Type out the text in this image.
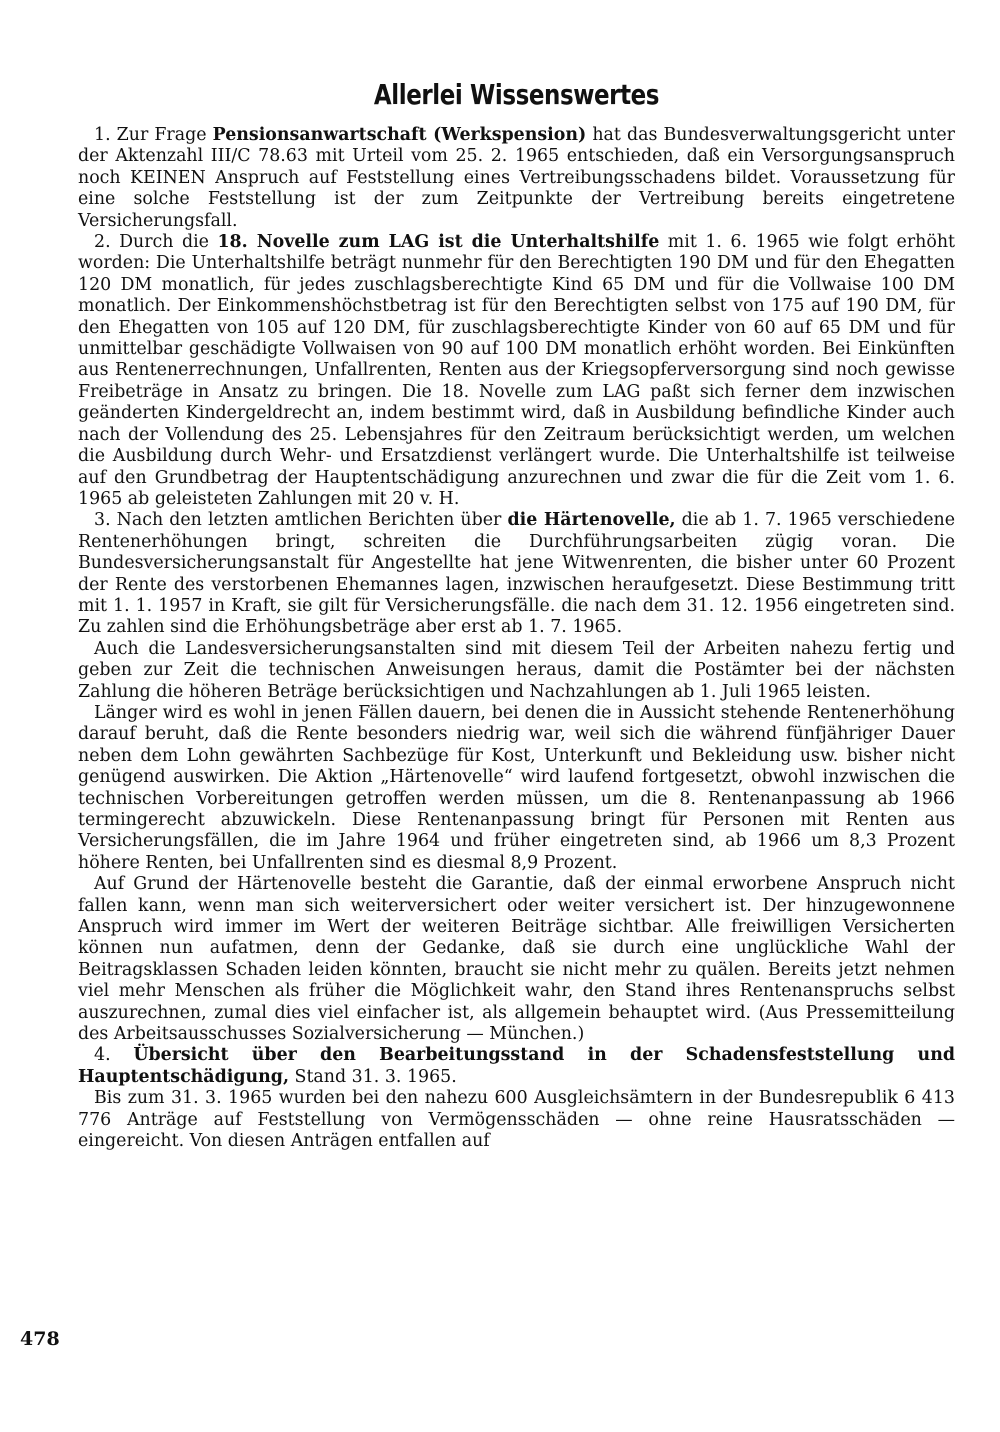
Allerlei Wissenswertes

1. Zur Frage Pensionsanwartschaft (Werkspension) hat das Bundesverwaltungsgericht unter der Aktenzahl III/C 78.63 mit Urteil vom 25. 2. 1965 entschieden, daß ein Versorgungsanspruch noch KEINEN Anspruch auf Feststellung eines Vertreibungsschadens bildet. Voraussetzung für eine solche Feststellung ist der zum Zeitpunkte der Vertreibung bereits eingetretene Versicherungsfall.

2. Durch die 18. Novelle zum LAG ist die Unterhaltshilfe mit 1. 6. 1965 wie folgt erhöht worden: Die Unterhaltshilfe beträgt nunmehr für den Berechtigten 190 DM und für den Ehegatten 120 DM monatlich, für jedes zuschlagsberechtigte Kind 65 DM und für die Vollwaise 100 DM monatlich. Der Einkommenshöchstbetrag ist für den Berechtigten selbst von 175 auf 190 DM, für den Ehegatten von 105 auf 120 DM, für zuschlagsberechtigte Kinder von 60 auf 65 DM und für unmittelbar geschädigte Vollwaisen von 90 auf 100 DM monatlich erhöht worden. Bei Einkünften aus Rentenerrechnungen, Unfallrenten, Renten aus der Kriegsopferversorgung sind noch gewisse Freibeträge in Ansatz zu bringen. Die 18. Novelle zum LAG paßt sich ferner dem inzwischen geänderten Kindergeldrecht an, indem bestimmt wird, daß in Ausbildung befindliche Kinder auch nach der Vollendung des 25. Lebensjahres für den Zeitraum berücksichtigt werden, um welchen die Ausbildung durch Wehr- und Ersatzdienst verlängert wurde. Die Unterhaltshilfe ist teilweise auf den Grundbetrag der Hauptentschädigung anzurechnen und zwar die für die Zeit vom 1. 6. 1965 ab geleisteten Zahlungen mit 20 v. H.

3. Nach den letzten amtlichen Berichten über die Härtenovelle, die ab 1. 7. 1965 verschiedene Rentenerhöhungen bringt, schreiten die Durchführungsarbeiten zügig voran. Die Bundesversicherungsanstalt für Angestellte hat jene Witwenrenten, die bisher unter 60 Prozent der Rente des verstorbenen Ehemannes lagen, inzwischen heraufgesetzt. Diese Bestimmung tritt mit 1. 1. 1957 in Kraft, sie gilt für Versicherungsfälle. die nach dem 31. 12. 1956 eingetreten sind. Zu zahlen sind die Erhöhungsbeträge aber erst ab 1. 7. 1965.

Auch die Landesversicherungsanstalten sind mit diesem Teil der Arbeiten nahezu fertig und geben zur Zeit die technischen Anweisungen heraus, damit die Postämter bei der nächsten Zahlung die höheren Beträge berücksichtigen und Nachzahlungen ab 1. Juli 1965 leisten.

Länger wird es wohl in jenen Fällen dauern, bei denen die in Aussicht stehende Rentenerhöhung darauf beruht, daß die Rente besonders niedrig war, weil sich die während fünfjähriger Dauer neben dem Lohn gewährten Sachbezüge für Kost, Unterkunft und Bekleidung usw. bisher nicht genügend auswirken. Die Aktion „Härtenovelle“ wird laufend fortgesetzt, obwohl inzwischen die technischen Vorbereitungen getroffen werden müssen, um die 8. Rentenanpassung ab 1966 termingerecht abzuwickeln. Diese Rentenanpassung bringt für Personen mit Renten aus Versicherungsfällen, die im Jahre 1964 und früher eingetreten sind, ab 1966 um 8,3 Prozent höhere Renten, bei Unfallrenten sind es diesmal 8,9 Prozent.

Auf Grund der Härtenovelle besteht die Garantie, daß der einmal erworbene Anspruch nicht fallen kann, wenn man sich weiterversichert oder weiter versichert ist. Der hinzugewonnene Anspruch wird immer im Wert der weiteren Beiträge sichtbar. Alle freiwilligen Versicherten können nun aufatmen, denn der Gedanke, daß sie durch eine unglückliche Wahl der Beitragsklassen Schaden leiden könnten, braucht sie nicht mehr zu quälen. Bereits jetzt nehmen viel mehr Menschen als früher die Möglichkeit wahr, den Stand ihres Rentenanspruchs selbst auszurechnen, zumal dies viel einfacher ist, als allgemein behauptet wird. (Aus Pressemitteilung des Arbeitsausschusses Sozialversicherung — München.)

4. Übersicht über den Bearbeitungsstand in der Schadensfeststellung und Hauptentschädigung, Stand 31. 3. 1965.

Bis zum 31. 3. 1965 wurden bei den nahezu 600 Ausgleichsämtern in der Bundesrepublik 6 413 776 Anträge auf Feststellung von Vermögensschäden — ohne reine Hausratsschäden — eingereicht. Von diesen Anträgen entfallen auf

478
